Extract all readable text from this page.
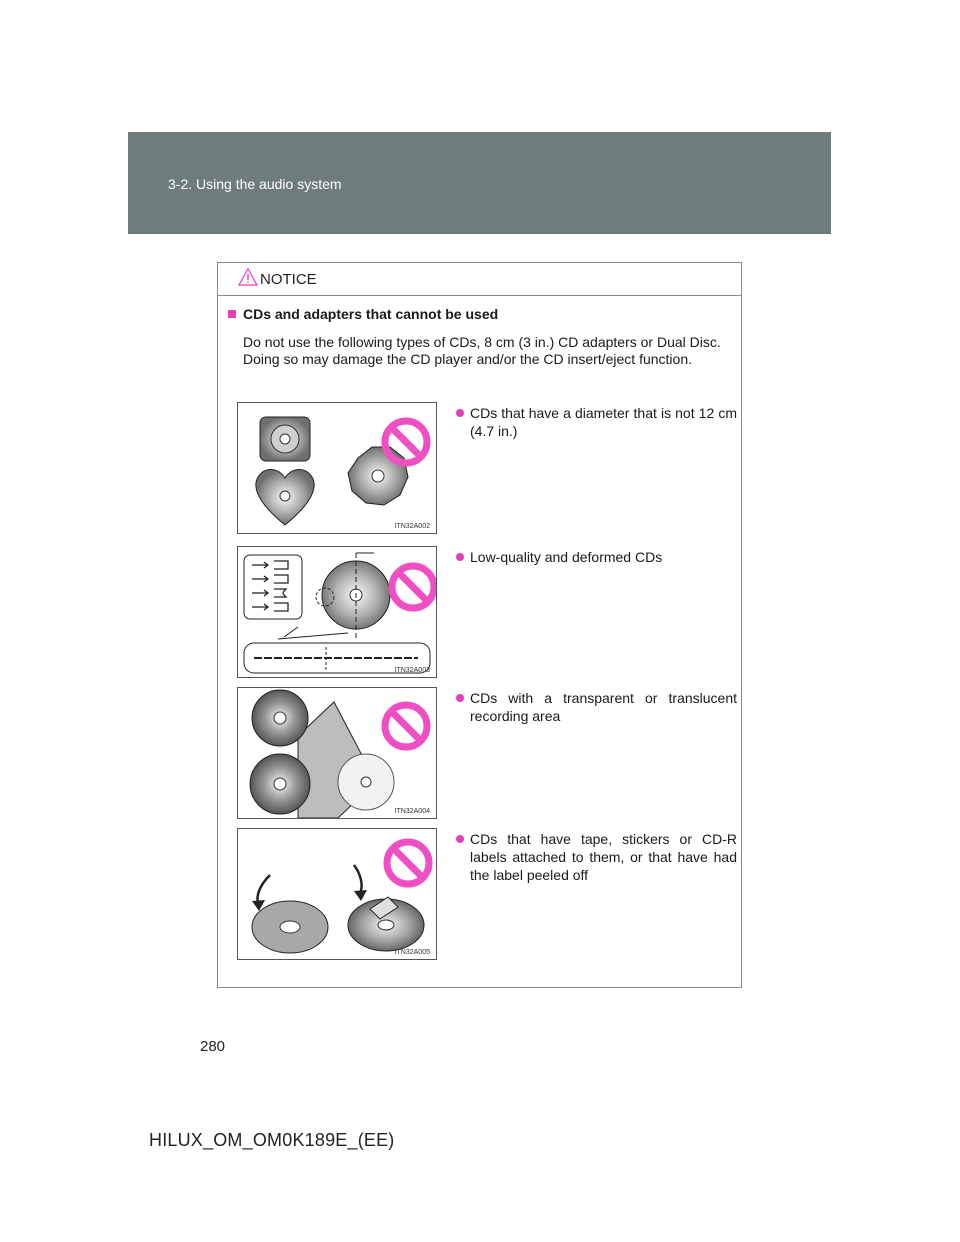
3-2. Using the audio system
NOTICE
CDs and adapters that cannot be used
Do not use the following types of CDs, 8 cm (3 in.) CD adapters or Dual Disc.
Doing so may damage the CD player and/or the CD insert/eject function.
ITN32A002
CDs that have a diameter that is not 12 cm (4.7 in.)
ITN32A003
Low-quality and deformed CDs
ITN32A004
CDs with a transparent or translucent recording area
ITN32A005
CDs that have tape, stickers or CD-R labels attached to them, or that have had the label peeled off
280
HILUX_OM_OM0K189E_(EE)
